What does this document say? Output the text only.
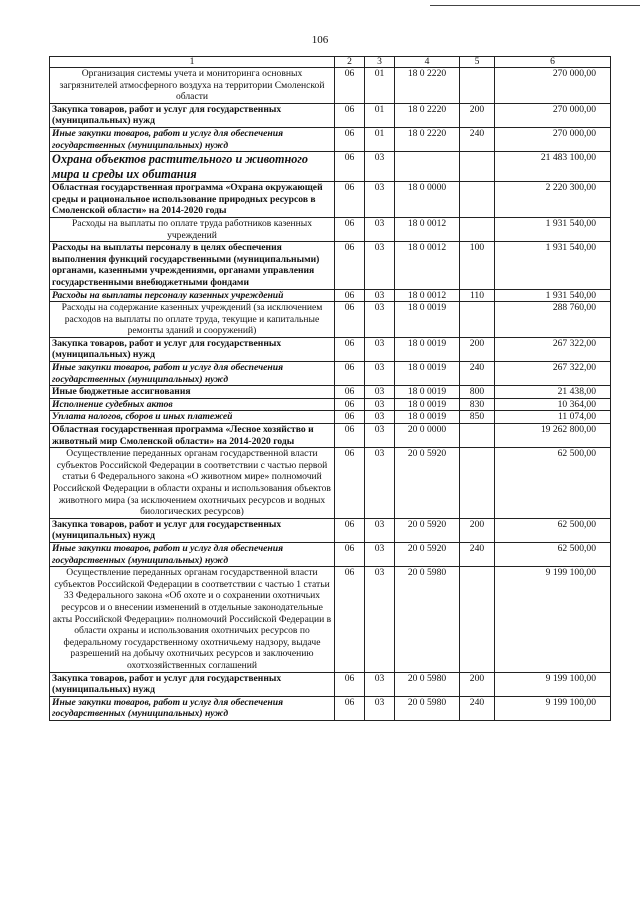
106
1	2	3	4	5	6
Организация системы учета и мониторинга основных загрязнителей атмосферного воздуха на территории Смоленской области	06	01	18 0 2220		270 000,00
Закупка товаров, работ и услуг для государственных (муниципальных) нужд	06	01	18 0 2220	200	270 000,00
Иные закупки товаров, работ и услуг для обеспечения государственных (муниципальных) нужд	06	01	18 0 2220	240	270 000,00
Охрана объектов растительного и животного мира и среды их обитания	06	03			21 483 100,00
Областная государственная программа «Охрана окружающей среды и рациональное использование природных ресурсов в Смоленской области» на 2014-2020 годы	06	03	18 0 0000		2 220 300,00
Расходы на выплаты по оплате труда работников казенных учреждений	06	03	18 0 0012		1 931 540,00
Расходы на выплаты персоналу в целях обеспечения выполнения функций государственными (муниципальными) органами, казенными учреждениями, органами управления государственными внебюджетными фондами	06	03	18 0 0012	100	1 931 540,00
Расходы на выплаты персоналу казенных учреждений	06	03	18 0 0012	110	1 931 540,00
Расходы на содержание казенных учреждений (за исключением расходов на выплаты по оплате труда, текущие и капитальные ремонты зданий и сооружений)	06	03	18 0 0019		288 760,00
Закупка товаров, работ и услуг для государственных (муниципальных) нужд	06	03	18 0 0019	200	267 322,00
Иные закупки товаров, работ и услуг для обеспечения государственных (муниципальных) нужд	06	03	18 0 0019	240	267 322,00
Иные бюджетные ассигнования	06	03	18 0 0019	800	21 438,00
Исполнение судебных актов	06	03	18 0 0019	830	10 364,00
Уплата налогов, сборов и иных платежей	06	03	18 0 0019	850	11 074,00
Областная государственная программа «Лесное хозяйство и животный мир Смоленской области» на 2014-2020 годы	06	03	20 0 0000		19 262 800,00
Осуществление переданных органам государственной власти субъектов Российской Федерации в соответствии с частью первой статьи 6 Федерального закона «О животном мире» полномочий Российской Федерации в области охраны и использования объектов животного мира (за исключением охотничьих ресурсов и водных биологических ресурсов)	06	03	20 0 5920		62 500,00
Закупка товаров, работ и услуг для государственных (муниципальных) нужд	06	03	20 0 5920	200	62 500,00
Иные закупки товаров, работ и услуг для обеспечения государственных (муниципальных) нужд	06	03	20 0 5920	240	62 500,00
Осуществление переданных органам государственной власти субъектов Российской Федерации в соответствии с частью 1 статьи 33 Федерального закона «Об охоте и о сохранении охотничьих ресурсов и о внесении изменений в отдельные законодательные акты Российской Федерации» полномочий Российской Федерации в области охраны и использования охотничьих ресурсов по федеральному государственному охотничьему надзору, выдаче разрешений на добычу охотничьих ресурсов и заключению охотхозяйственных соглашений	06	03	20 0 5980		9 199 100,00
Закупка товаров, работ и услуг для государственных (муниципальных) нужд	06	03	20 0 5980	200	9 199 100,00
Иные закупки товаров, работ и услуг для обеспечения государственных (муниципальных) нужд	06	03	20 0 5980	240	9 199 100,00
